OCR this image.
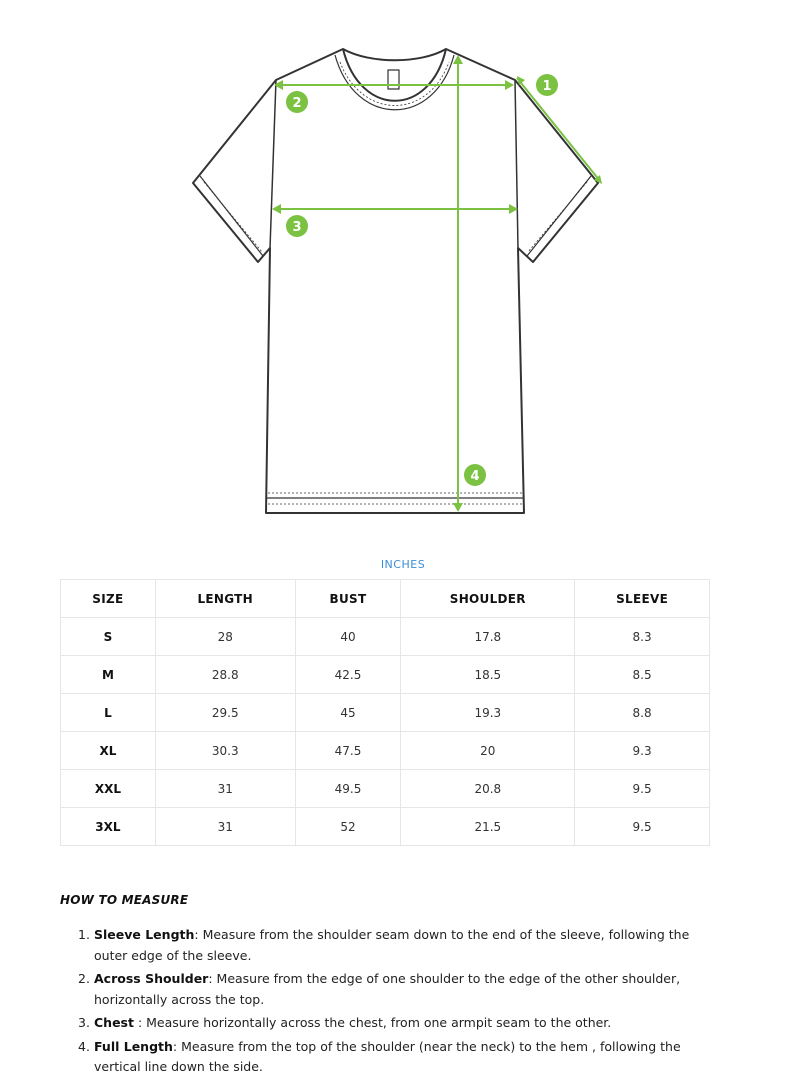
1
2
3
4
INCHES
SIZE	LENGTH	BUST	SHOULDER	SLEEVE
S	28	40	17.8	8.3
M	28.8	42.5	18.5	8.5
L	29.5	45	19.3	8.8
XL	30.3	47.5	20	9.3
XXL	31	49.5	20.8	9.5
3XL	31	52	21.5	9.5
HOW TO MEASURE
1. Sleeve Length: Measure from the shoulder seam down to the end of the sleeve, following the outer edge of the sleeve.
2. Across Shoulder: Measure from the edge of one shoulder to the edge of the other shoulder, horizontally across the top.
3. Chest : Measure horizontally across the chest, from one armpit seam to the other.
4. Full Length: Measure from the top of the shoulder (near the neck) to the hem , following the vertical line down the side.
